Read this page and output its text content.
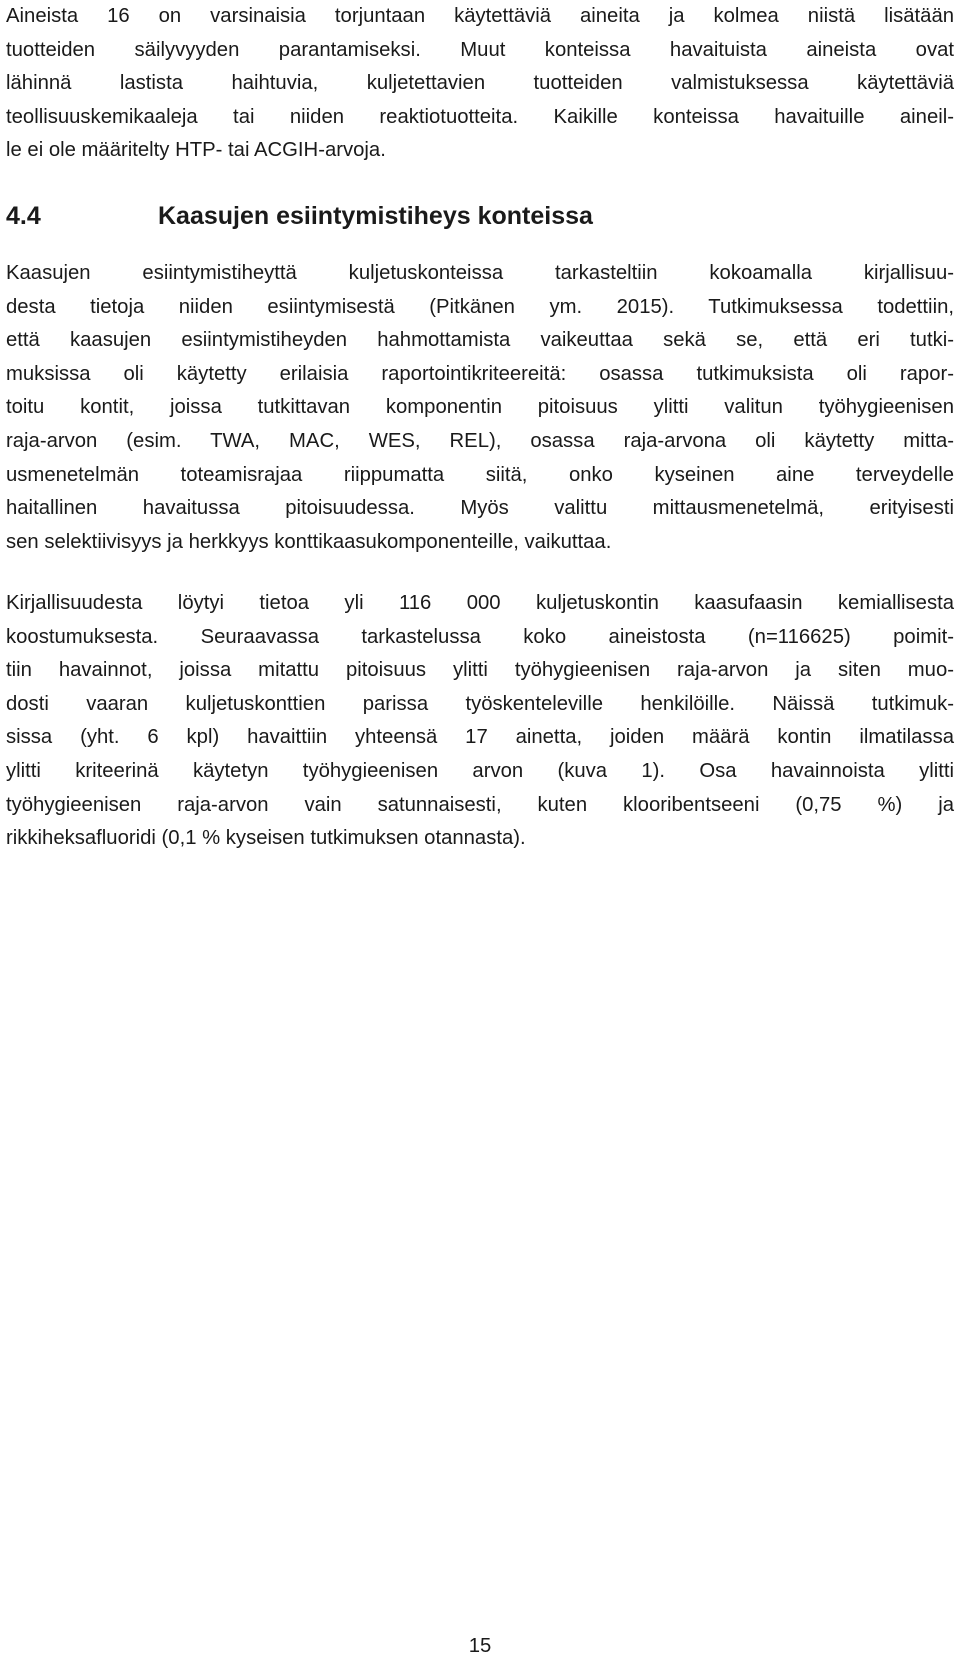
Aineista 16 on varsinaisia torjuntaan käytettäviä aineita ja kolmea niistä lisätään
tuotteiden säilyvyyden parantamiseksi. Muut konteissa havaituista aineista ovat
lähinnä lastista haihtuvia, kuljetettavien tuotteiden valmistuksessa käytettäviä
teollisuuskemikaaleja tai niiden reaktiotuotteita. Kaikille konteissa havaituille aineil-
le ei ole määritelty HTP- tai ACGIH-arvoja.

4.4	Kaasujen esiintymistiheys konteissa

Kaasujen esiintymistiheyttä kuljetuskonteissa tarkasteltiin kokoamalla kirjallisuu-
desta tietoja niiden esiintymisestä (Pitkänen ym. 2015). Tutkimuksessa todettiin,
että kaasujen esiintymistiheyden hahmottamista vaikeuttaa sekä se, että eri tutki-
muksissa oli käytetty erilaisia raportointikriteereitä: osassa tutkimuksista oli rapor-
toitu kontit, joissa tutkittavan komponentin pitoisuus ylitti valitun työhygieenisen
raja-arvon (esim. TWA, MAC, WES, REL), osassa raja-arvona oli käytetty mitta-
usmenetelmän toteamisrajaa riippumatta siitä, onko kyseinen aine terveydelle
haitallinen havaitussa pitoisuudessa. Myös valittu mittausmenetelmä, erityisesti
sen selektiivisyys ja herkkyys konttikaasukomponenteille, vaikuttaa.

Kirjallisuudesta löytyi tietoa yli 116 000 kuljetuskontin kaasufaasin kemiallisesta
koostumuksesta. Seuraavassa tarkastelussa koko aineistosta (n=116625) poimit-
tiin havainnot, joissa mitattu pitoisuus ylitti työhygieenisen raja-arvon ja siten muo-
dosti vaaran kuljetuskonttien parissa työskenteleville henkilöille. Näissä tutkimuk-
sissa (yht. 6 kpl) havaittiin yhteensä 17 ainetta, joiden määrä kontin ilmatilassa
ylitti kriteerinä käytetyn työhygieenisen arvon (kuva 1). Osa havainnoista ylitti
työhygieenisen raja-arvon vain satunnaisesti, kuten klooribentseeni (0,75 %) ja
rikkiheksafluoridi (0,1 % kyseisen tutkimuksen otannasta).

15
